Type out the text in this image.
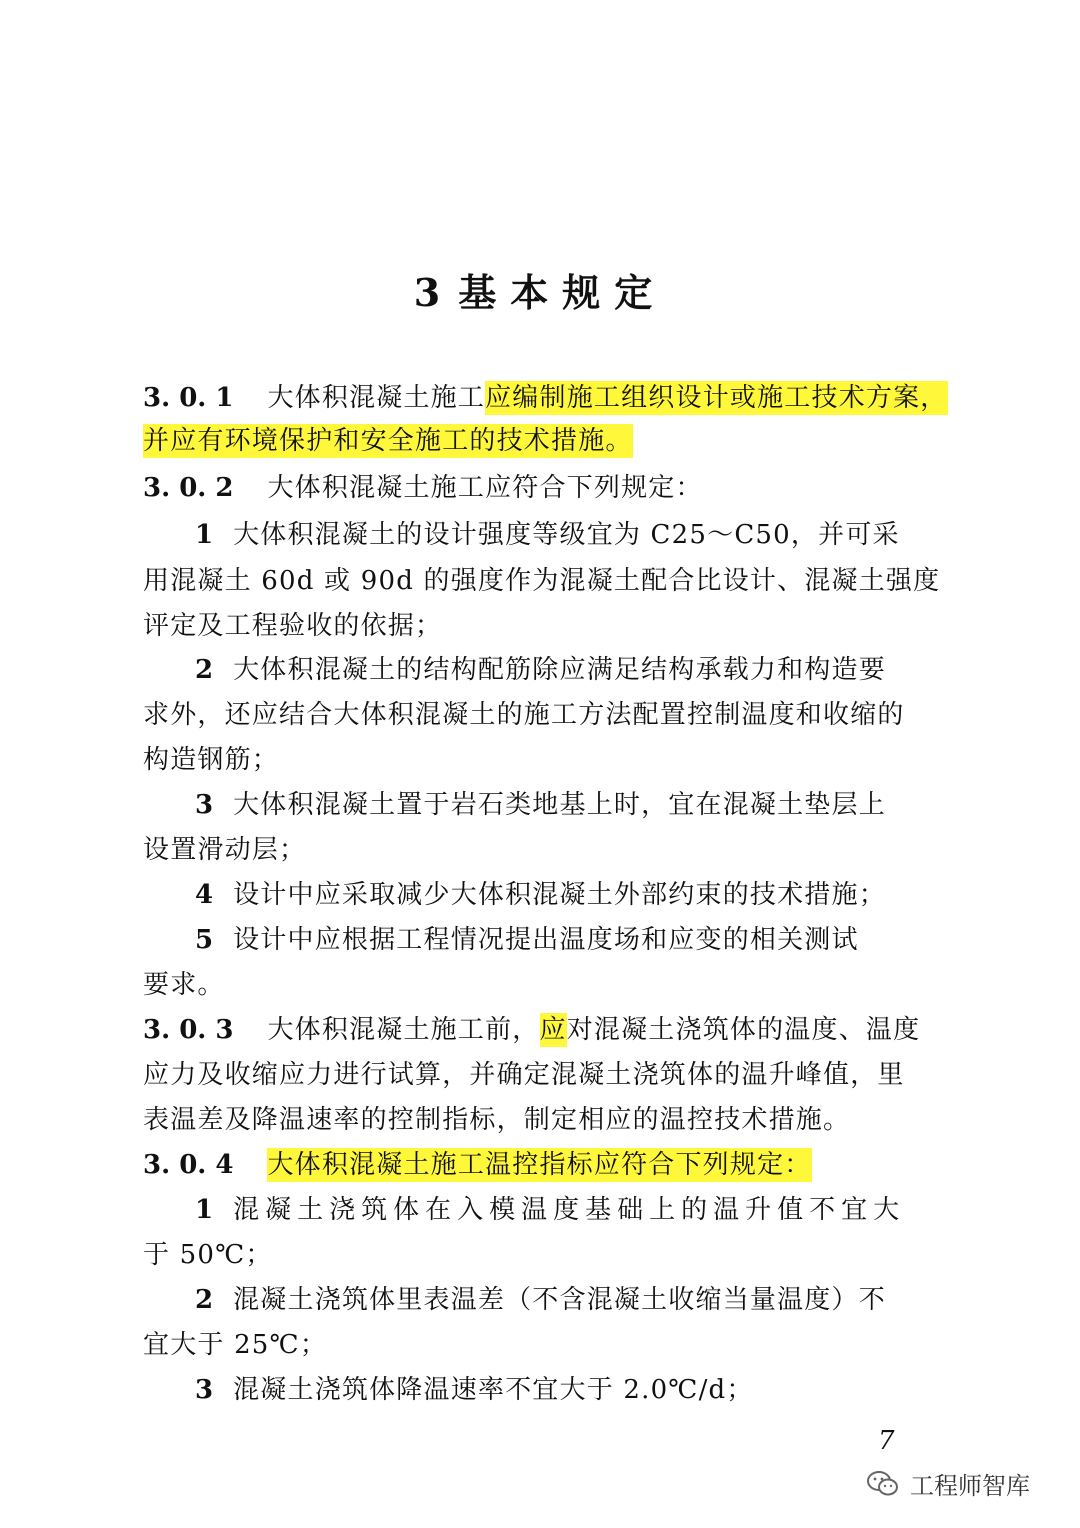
3 基本规定
3. 0. 1 大体积混凝土施工应编制施工组织设计或施工技术方案，
并应有环境保护和安全施工的技术措施。
3. 0. 2 大体积混凝土施工应符合下列规定：
1 大体积混凝土的设计强度等级宜为 C25～C50，并可采
用混凝土 60d 或 90d 的强度作为混凝土配合比设计、混凝土强度
评定及工程验收的依据；
2 大体积混凝土的结构配筋除应满足结构承载力和构造要
求外，还应结合大体积混凝土的施工方法配置控制温度和收缩的
构造钢筋；
3 大体积混凝土置于岩石类地基上时，宜在混凝土垫层上
设置滑动层；
4 设计中应采取减少大体积混凝土外部约束的技术措施；
5 设计中应根据工程情况提出温度场和应变的相关测试
要求。
3. 0. 3 大体积混凝土施工前，应对混凝土浇筑体的温度、温度
应力及收缩应力进行试算，并确定混凝土浇筑体的温升峰值，里
表温差及降温速率的控制指标，制定相应的温控技术措施。
3. 0. 4 大体积混凝土施工温控指标应符合下列规定：
1 混凝土浇筑体在入模温度基础上的温升值不宜大
于 50℃；
2 混凝土浇筑体里表温差（不含混凝土收缩当量温度）不
宜大于 25℃；
3 混凝土浇筑体降温速率不宜大于 2.0℃/d；
7
工程师智库
